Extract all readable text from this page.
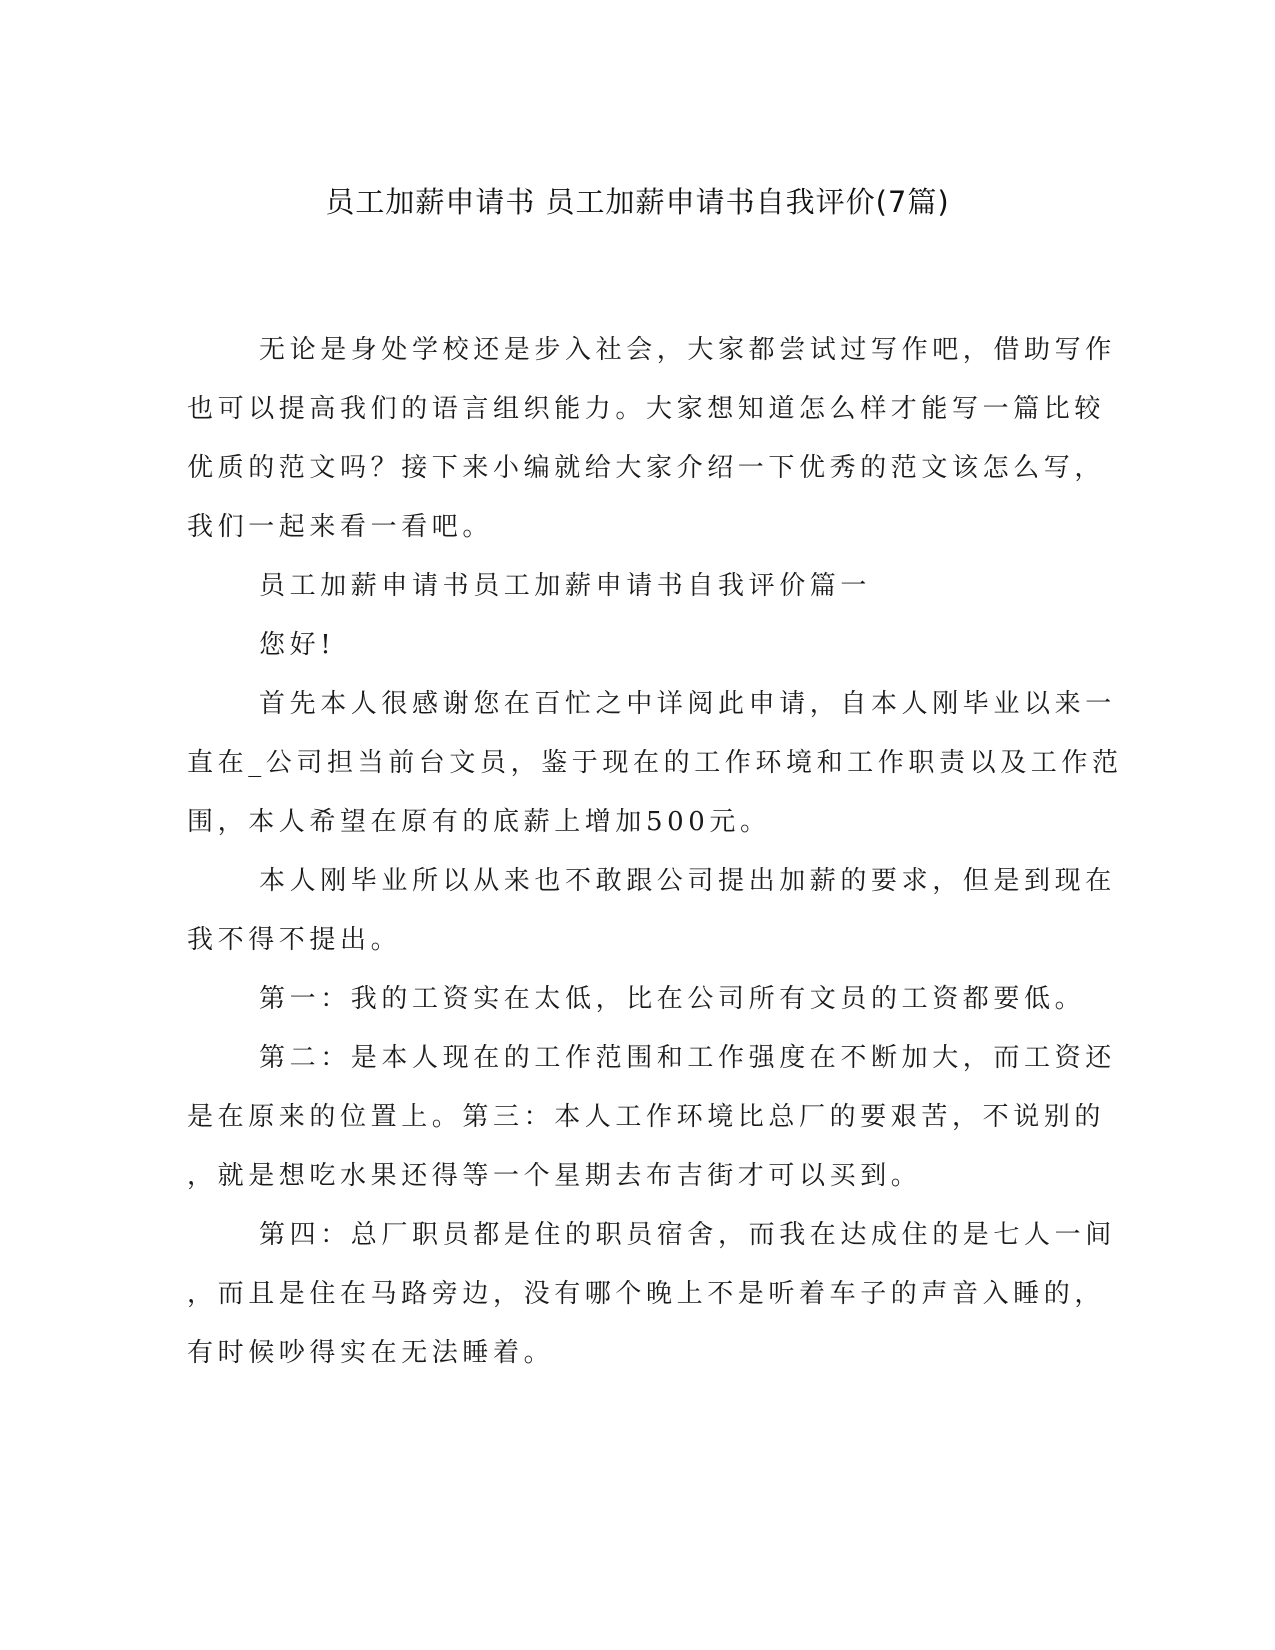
员工加薪申请书 员工加薪申请书自我评价(7篇)
无论是身处学校还是步入社会，大家都尝试过写作吧，借助写作
也可以提高我们的语言组织能力。大家想知道怎么样才能写一篇比较
优质的范文吗？接下来小编就给大家介绍一下优秀的范文该怎么写，
我们一起来看一看吧。
员工加薪申请书员工加薪申请书自我评价篇一
您好!
首先本人很感谢您在百忙之中详阅此申请，自本人刚毕业以来一
直在_公司担当前台文员，鉴于现在的工作环境和工作职责以及工作范
围，本人希望在原有的底薪上增加500元。
本人刚毕业所以从来也不敢跟公司提出加薪的要求，但是到现在
我不得不提出。
第一：我的工资实在太低，比在公司所有文员的工资都要低。
第二：是本人现在的工作范围和工作强度在不断加大，而工资还
是在原来的位置上。第三：本人工作环境比总厂的要艰苦，不说别的
，就是想吃水果还得等一个星期去布吉街才可以买到。
第四：总厂职员都是住的职员宿舍，而我在达成住的是七人一间
，而且是住在马路旁边，没有哪个晚上不是听着车子的声音入睡的，
有时候吵得实在无法睡着。
